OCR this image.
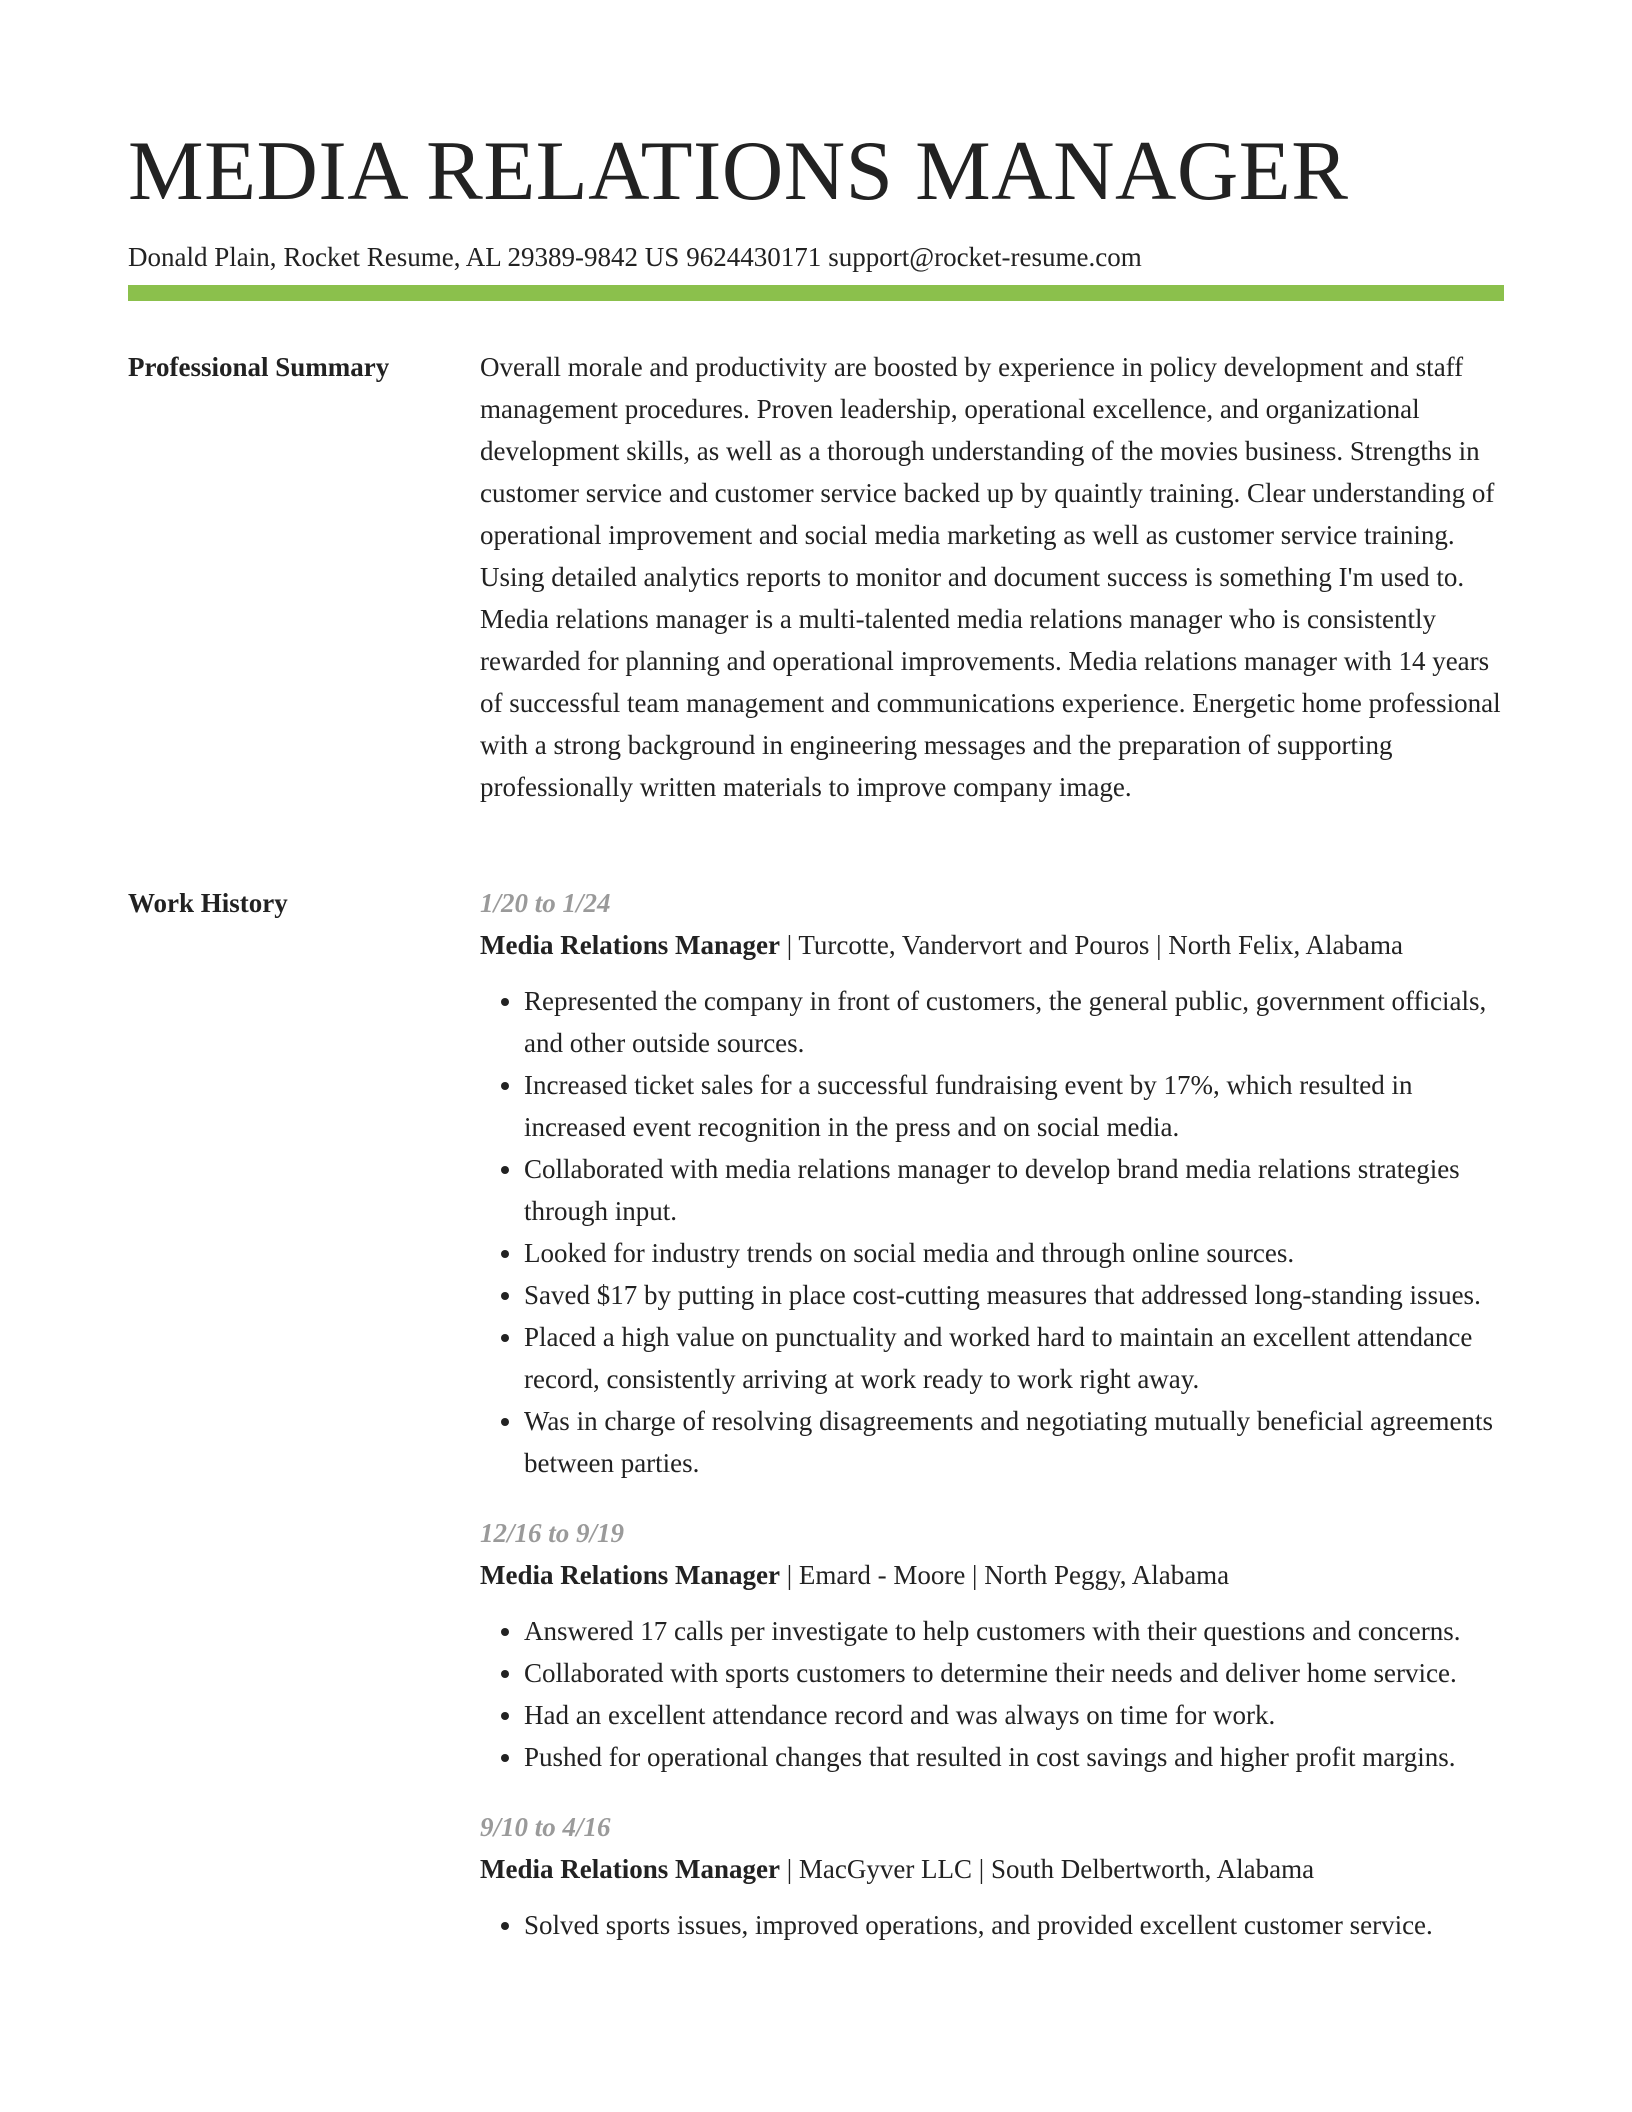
MEDIA RELATIONS MANAGER
Donald Plain, Rocket Resume, AL 29389-9842 US 9624430171 support@rocket-resume.com
Professional Summary	Overall morale and productivity are boosted by experience in policy development and staff management procedures. Proven leadership, operational excellence, and organizational development skills, as well as a thorough understanding of the movies business. Strengths in customer service and customer service backed up by quaintly training. Clear understanding of operational improvement and social media marketing as well as customer service training. Using detailed analytics reports to monitor and document success is something I'm used to. Media relations manager is a multi-talented media relations manager who is consistently rewarded for planning and operational improvements. Media relations manager with 14 years of successful team management and communications experience. Energetic home professional with a strong background in engineering messages and the preparation of supporting professionally written materials to improve company image.

Work History	1/20 to 1/24
Media Relations Manager | Turcotte, Vandervort and Pouros | North Felix, Alabama
• Represented the company in front of customers, the general public, government officials, and other outside sources.
• Increased ticket sales for a successful fundraising event by 17%, which resulted in increased event recognition in the press and on social media.
• Collaborated with media relations manager to develop brand media relations strategies through input.
• Looked for industry trends on social media and through online sources.
• Saved $17 by putting in place cost-cutting measures that addressed long-standing issues.
• Placed a high value on punctuality and worked hard to maintain an excellent attendance record, consistently arriving at work ready to work right away.
• Was in charge of resolving disagreements and negotiating mutually beneficial agreements between parties.
12/16 to 9/19
Media Relations Manager | Emard - Moore | North Peggy, Alabama
• Answered 17 calls per investigate to help customers with their questions and concerns.
• Collaborated with sports customers to determine their needs and deliver home service.
• Had an excellent attendance record and was always on time for work.
• Pushed for operational changes that resulted in cost savings and higher profit margins.
9/10 to 4/16
Media Relations Manager | MacGyver LLC | South Delbertworth, Alabama
• Solved sports issues, improved operations, and provided excellent customer service.
